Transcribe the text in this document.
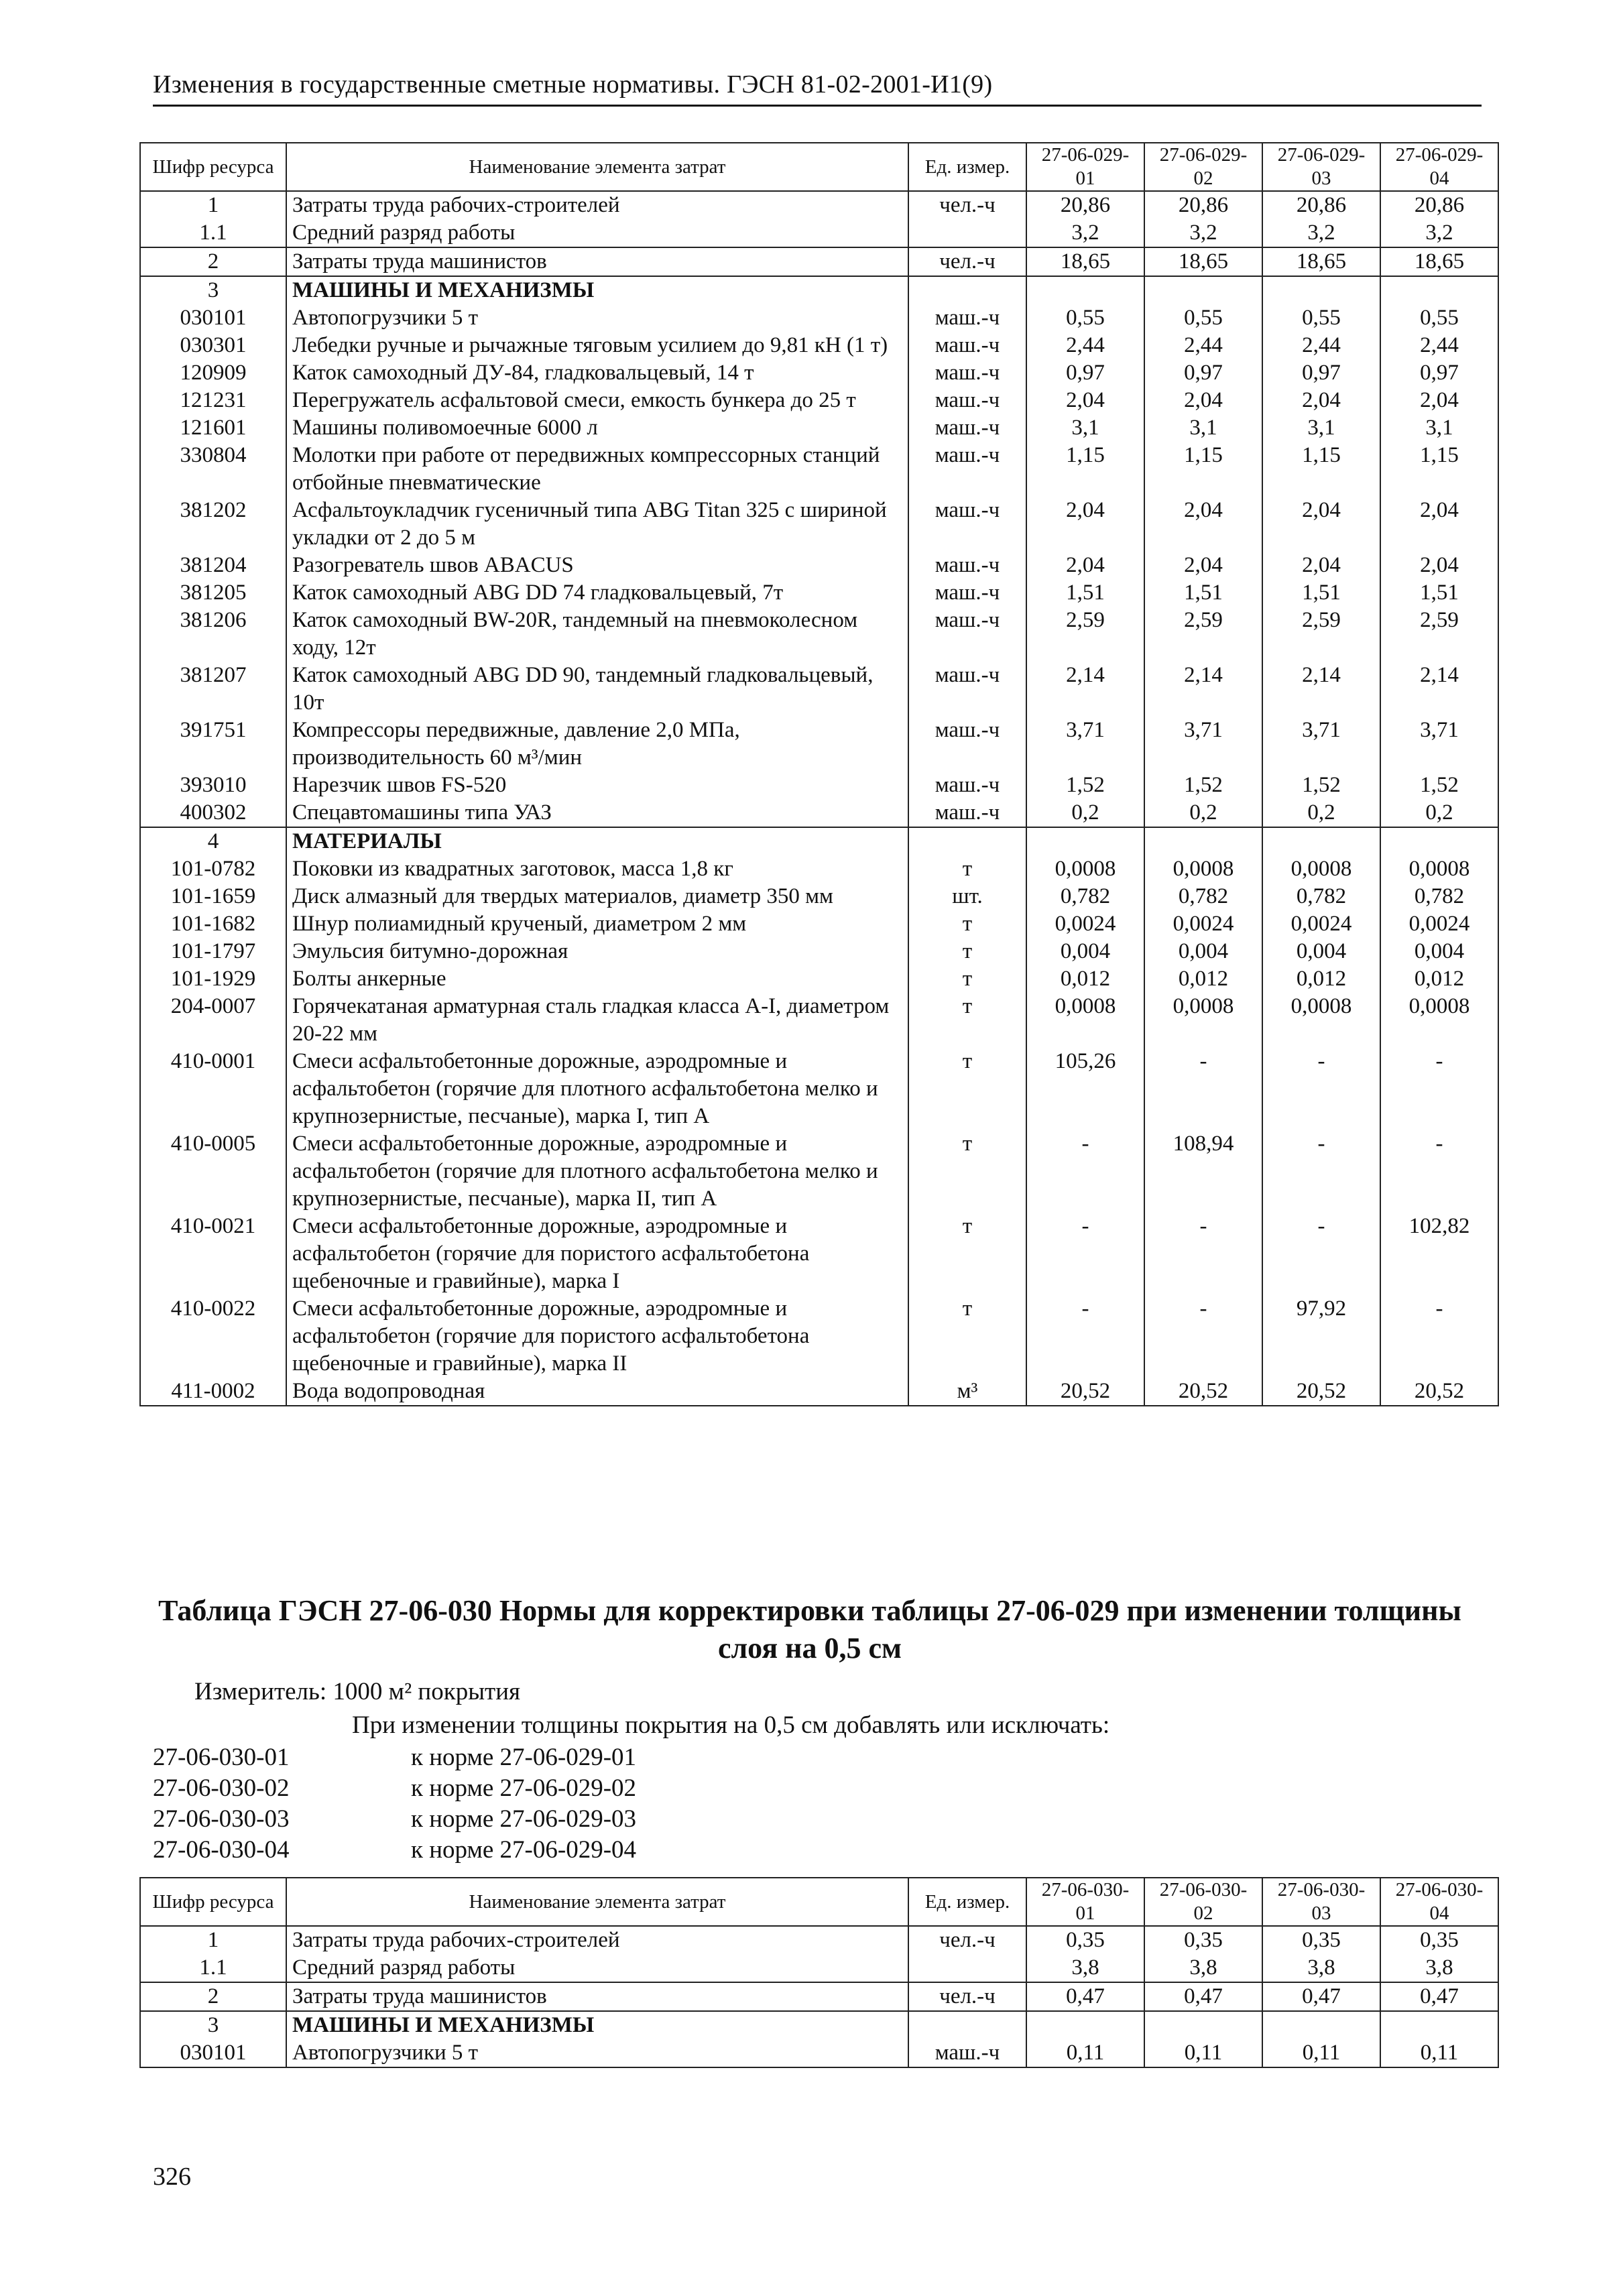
Изменения в государственные сметные нормативы. ГЭСН 81-02-2001-И1(9)
Шифр ресурса	Наименование элемента затрат	Ед. измер.	27-06-029-01	27-06-029-02	27-06-029-03	27-06-029-04
1	Затраты труда рабочих-строителей	чел.-ч	20,86	20,86	20,86	20,86
1.1	Средний разряд работы		3,2	3,2	3,2	3,2
2	Затраты труда машинистов	чел.-ч	18,65	18,65	18,65	18,65
3	МАШИНЫ И МЕХАНИЗМЫ					
030101	Автопогрузчики 5 т	маш.-ч	0,55	0,55	0,55	0,55
030301	Лебедки ручные и рычажные тяговым усилием до 9,81 кН (1 т)	маш.-ч	2,44	2,44	2,44	2,44
120909	Каток самоходный ДУ-84, гладковальцевый, 14 т	маш.-ч	0,97	0,97	0,97	0,97
121231	Перегружатель асфальтовой смеси, емкость бункера до 25 т	маш.-ч	2,04	2,04	2,04	2,04
121601	Машины поливомоечные 6000 л	маш.-ч	3,1	3,1	3,1	3,1
330804	Молотки при работе от передвижных компрессорных станций отбойные пневматические	маш.-ч	1,15	1,15	1,15	1,15
381202	Асфальтоукладчик гусеничный типа ABG Titan 325 с шириной укладки от 2 до 5 м	маш.-ч	2,04	2,04	2,04	2,04
381204	Разогреватель швов ABACUS	маш.-ч	2,04	2,04	2,04	2,04
381205	Каток самоходный ABG DD 74 гладковальцевый, 7т	маш.-ч	1,51	1,51	1,51	1,51
381206	Каток самоходный BW-20R, тандемный на пневмоколесном ходу, 12т	маш.-ч	2,59	2,59	2,59	2,59
381207	Каток самоходный ABG DD 90, тандемный гладковальцевый, 10т	маш.-ч	2,14	2,14	2,14	2,14
391751	Компрессоры передвижные, давление 2,0 МПа, производительность 60 м³/мин	маш.-ч	3,71	3,71	3,71	3,71
393010	Нарезчик швов FS-520	маш.-ч	1,52	1,52	1,52	1,52
400302	Спецавтомашины типа УАЗ	маш.-ч	0,2	0,2	0,2	0,2
4	МАТЕРИАЛЫ					
101-0782	Поковки из квадратных заготовок, масса 1,8 кг	т	0,0008	0,0008	0,0008	0,0008
101-1659	Диск алмазный для твердых материалов, диаметр 350 мм	шт.	0,782	0,782	0,782	0,782
101-1682	Шнур полиамидный крученый, диаметром 2 мм	т	0,0024	0,0024	0,0024	0,0024
101-1797	Эмульсия битумно-дорожная	т	0,004	0,004	0,004	0,004
101-1929	Болты анкерные	т	0,012	0,012	0,012	0,012
204-0007	Горячекатаная арматурная сталь гладкая класса А-I, диаметром 20-22 мм	т	0,0008	0,0008	0,0008	0,0008
410-0001	Смеси асфальтобетонные дорожные, аэродромные и асфальтобетон (горячие для плотного асфальтобетона мелко и крупнозернистые, песчаные), марка I, тип А	т	105,26	-	-	-
410-0005	Смеси асфальтобетонные дорожные, аэродромные и асфальтобетон (горячие для плотного асфальтобетона мелко и крупнозернистые, песчаные), марка II, тип А	т	-	108,94	-	-
410-0021	Смеси асфальтобетонные дорожные, аэродромные и асфальтобетон (горячие для пористого асфальтобетона щебеночные и гравийные), марка I	т	-	-	-	102,82
410-0022	Смеси асфальтобетонные дорожные, аэродромные и асфальтобетон (горячие для пористого асфальтобетона щебеночные и гравийные), марка II	т	-	-	97,92	-
411-0002	Вода водопроводная	м³	20,52	20,52	20,52	20,52
Таблица ГЭСН 27-06-030 Нормы для корректировки таблицы 27-06-029 при изменении толщины слоя на 0,5 см
Измеритель: 1000 м² покрытия
При изменении толщины покрытия на 0,5 см добавлять или исключать:
27-06-030-01	к норме 27-06-029-01
27-06-030-02	к норме 27-06-029-02
27-06-030-03	к норме 27-06-029-03
27-06-030-04	к норме 27-06-029-04
Шифр ресурса	Наименование элемента затрат	Ед. измер.	27-06-030-01	27-06-030-02	27-06-030-03	27-06-030-04
1	Затраты труда рабочих-строителей	чел.-ч	0,35	0,35	0,35	0,35
1.1	Средний разряд работы		3,8	3,8	3,8	3,8
2	Затраты труда машинистов	чел.-ч	0,47	0,47	0,47	0,47
3	МАШИНЫ И МЕХАНИЗМЫ					
030101	Автопогрузчики 5 т	маш.-ч	0,11	0,11	0,11	0,11
326
